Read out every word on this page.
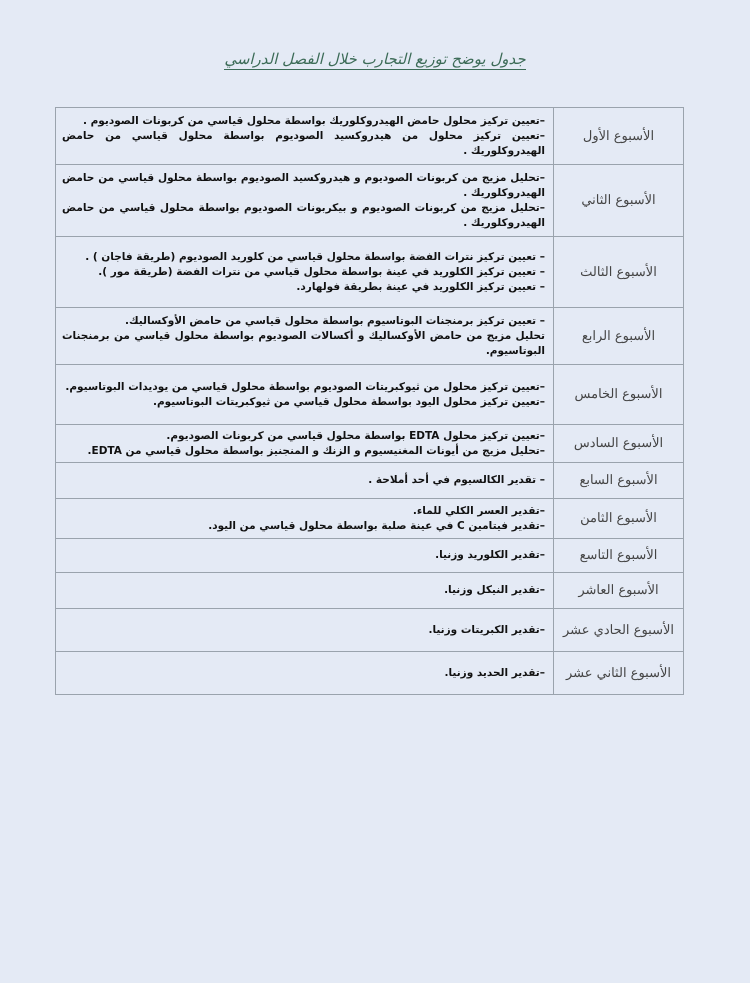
جدول يوضح توزيع التجارب خلال الفصل الدراسي
الأسبوع الأول	–تعيين تركيز محلول حامض الهيدروكلوريك بواسطة محلول قياسي من كربونات الصوديوم .
–تعيين تركيز محلول من هيدروكسيد الصوديوم بواسطة محلول قياسي من حامض الهيدروكلوريك .

الأسبوع الثاني	–تحليل مزيج من كربونات الصوديوم و هيدروكسيد الصوديوم بواسطة محلول قياسي من حامض الهيدروكلوريك .
–تحليل مزيج من كربونات الصوديوم و بيكربونات الصوديوم بواسطة محلول قياسي من حامض الهيدروكلوريك .

الأسبوع الثالث	– تعيين تركيز نترات الفضة بواسطة محلول قياسي من كلوريد الصوديوم (طريقة فاجان ) .
– تعيين تركيز الكلوريد في عينة بواسطة محلول قياسي من نترات الفضة (طريقة مور ).
– تعيين تركيز الكلوريد في عينة بطريقة فولهارد.

الأسبوع الرابع	– تعيين تركيز برمنجنات البوتاسيوم بواسطة محلول قياسي من حامض الأوكساليك.
تحليل مزيج من حامض الأوكساليك و أكسالات الصوديوم بواسطة محلول قياسي من برمنجنات البوتاسيوم.

الأسبوع الخامس	–تعيين تركيز محلول من ثيوكبريتات الصوديوم بواسطة محلول قياسي من يوديدات البوتاسيوم.
–تعيين تركيز محلول اليود بواسطة محلول قياسي من ثيوكبريتات البوتاسيوم.

الأسبوع السادس	–تعيين تركيز محلول EDTA بواسطة محلول قياسي من كربونات الصوديوم.
–تحليل مزيج من أيونات المغنيسيوم و الزنك و المنجنيز بواسطة محلول قياسي من EDTA.

الأسبوع السابع	– تقدير الكالسيوم في أحد أملاحة .

الأسبوع الثامن	–تقدير العسر الكلي للماء.
–تقدير فيتامين C في عينة صلبة بواسطة محلول قياسي من اليود.

الأسبوع التاسع	–تقدير الكلوريد وزنيا.

الأسبوع العاشر	–تقدير النيكل وزنيا.

الأسبوع الحادي عشر	–تقدير الكبريتات وزنيا.

الأسبوع الثاني عشر	–تقدير الحديد وزنيا.
